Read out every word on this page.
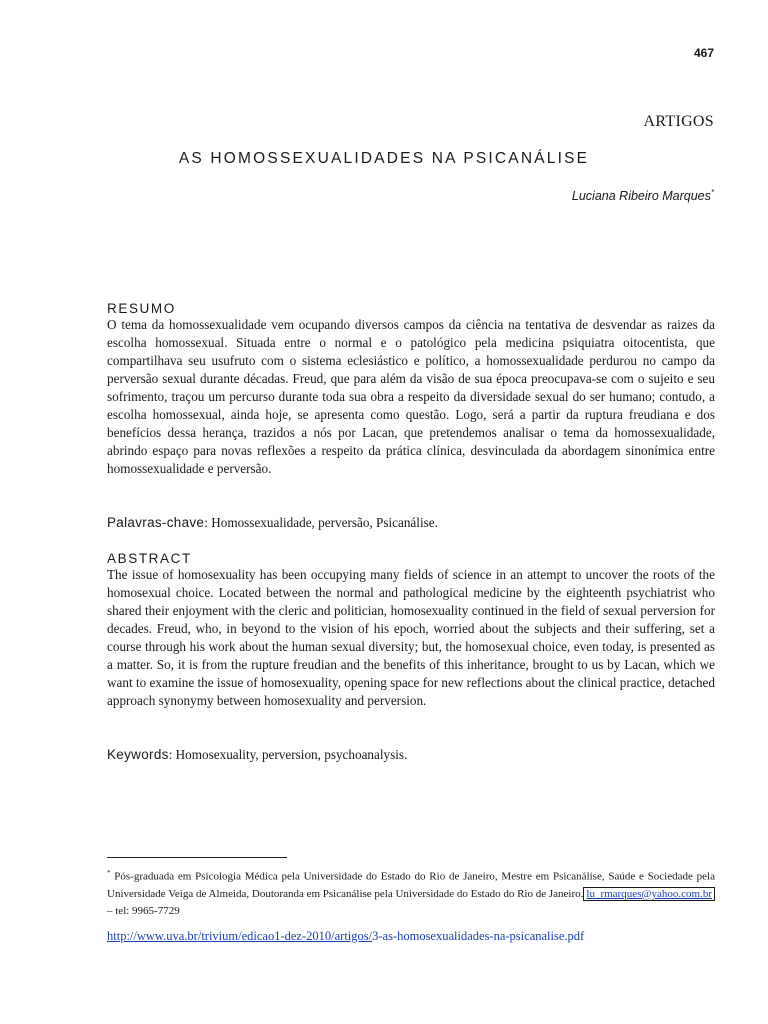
467
ARTIGOS
AS HOMOSSEXUALIDADES NA PSICANÁLISE
Luciana Ribeiro Marques*
RESUMO

O tema da homossexualidade vem ocupando diversos campos da ciência na tentativa de desvendar as raizes da escolha homossexual. Situada entre o normal e o patológico pela medicina psiquiatra oitocentista, que compartilhava seu usufruto com o sistema eclesiástico e político, a homossexualidade perdurou no campo da perversão sexual durante décadas. Freud, que para além da visão de sua época preocupava-se com o sujeito e seu sofrimento, traçou um percurso durante toda sua obra a respeito da diversidade sexual do ser humano; contudo, a escolha homossexual, ainda hoje, se apresenta como questão. Logo, será a partir da ruptura freudiana e dos benefícios dessa herança, trazidos a nós por Lacan, que pretendemos analisar o tema da homossexualidade, abrindo espaço para novas reflexões a respeito da prática clínica, desvinculada da abordagem sinonímica entre homossexualidade e perversão.

Palavras-chave: Homossexualidade, perversão, Psicanálise.

ABSTRACT

The issue of homosexuality has been occupying many fields of science in an attempt to uncover the roots of the homosexual choice. Located between the normal and pathological medicine by the eighteenth psychiatrist who shared their enjoyment with the cleric and politician, homosexuality continued in the field of sexual perversion for decades. Freud, who, in beyond to the vision of his epoch, worried about the subjects and their suffering, set a course through his work about the human sexual diversity; but, the homosexual choice, even today, is presented as a matter. So, it is from the rupture freudian and the benefits of this inheritance, brought to us by Lacan, which we want to examine the issue of homosexuality, opening space for new reflections about the clinical practice, detached approach synonymy between homosexuality and perversion.

Keywords: Homosexuality, perversion, psychoanalysis.

* Pós-graduada em Psicologia Médica pela Universidade do Estado do Rio de Janeiro, Mestre em Psicanálise, Saúde e Sociedade pela Universidade Veiga de Almeida, Doutoranda em Psicanálise pela Universidade do Estado do Rio de Janeiro. lu_rmarques@yahoo.com.br – tel: 9965-7729

http://www.uva.br/trivium/edicao1-dez-2010/artigos/3-as-homosexualidades-na-psicanalise.pdf
